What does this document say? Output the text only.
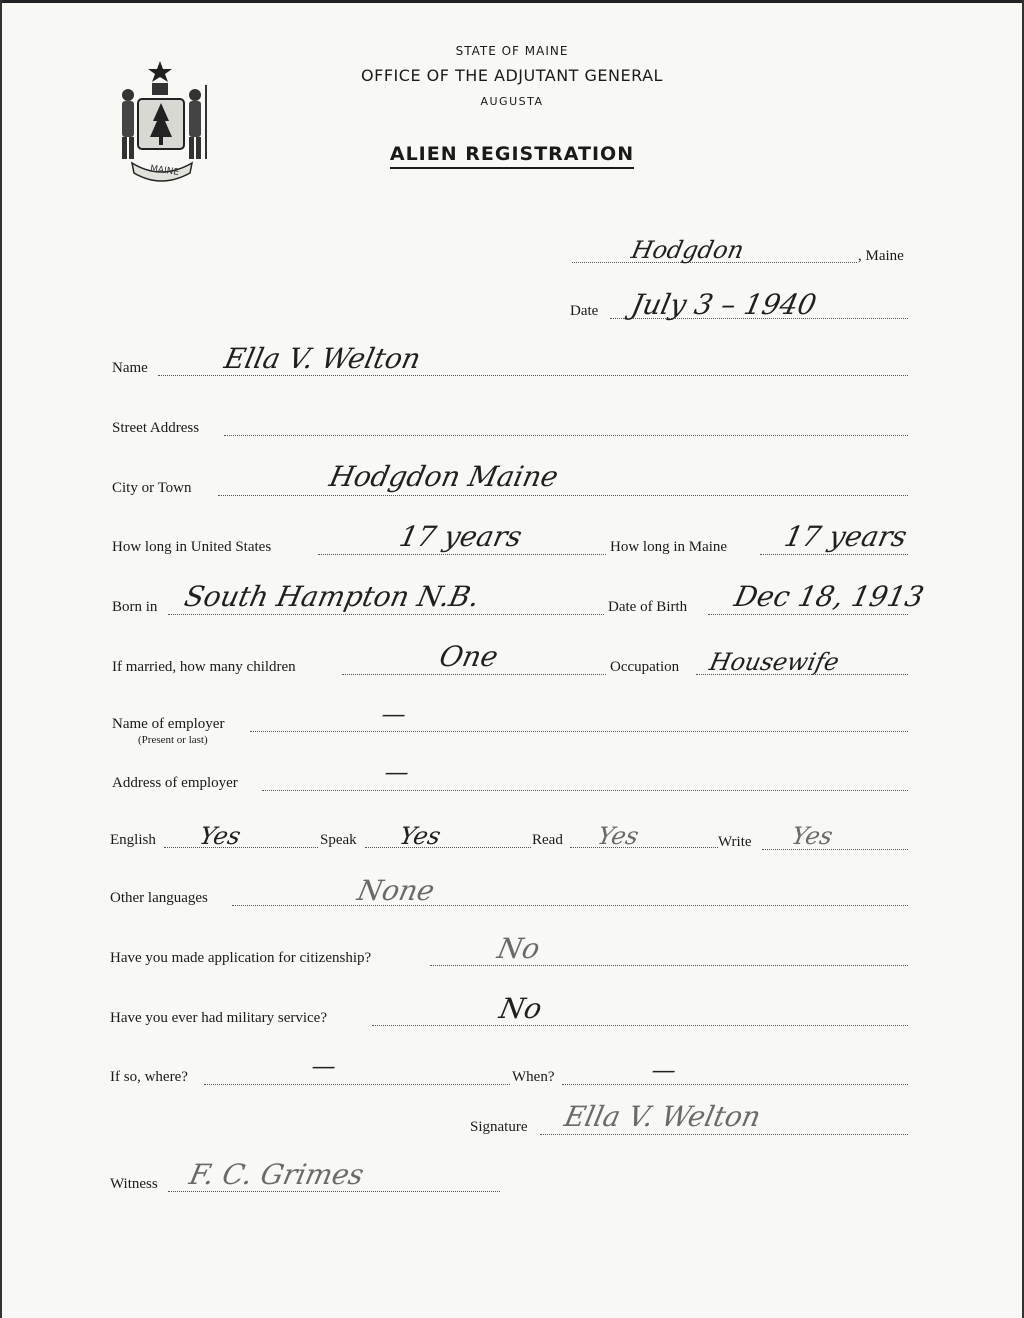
MAINE
STATE OF MAINE
OFFICE OF THE ADJUTANT GENERAL
AUGUSTA
ALIEN REGISTRATION
, Maine
Hodgdon
Date July 3 – 1940
Name	Ella V. Welton
Street Address
City or Town	Hodgdon Maine
How long in United States	17 years	How long in Maine 17 years
Born in South Hampton N.B.	Date of Birth Dec 18, 1913
If married, how many children	One	Occupation Housewife
Name of employer
(Present or last)
—
Address of employer	—
English Yes	Speak Yes	Read Yes	Write Yes
Other languages	None
Have you made application for citizenship?	No
Have you ever had military service?	No
If so, where?	—	When?	—
Signature Ella V. Welton
Witness F. C. Grimes
